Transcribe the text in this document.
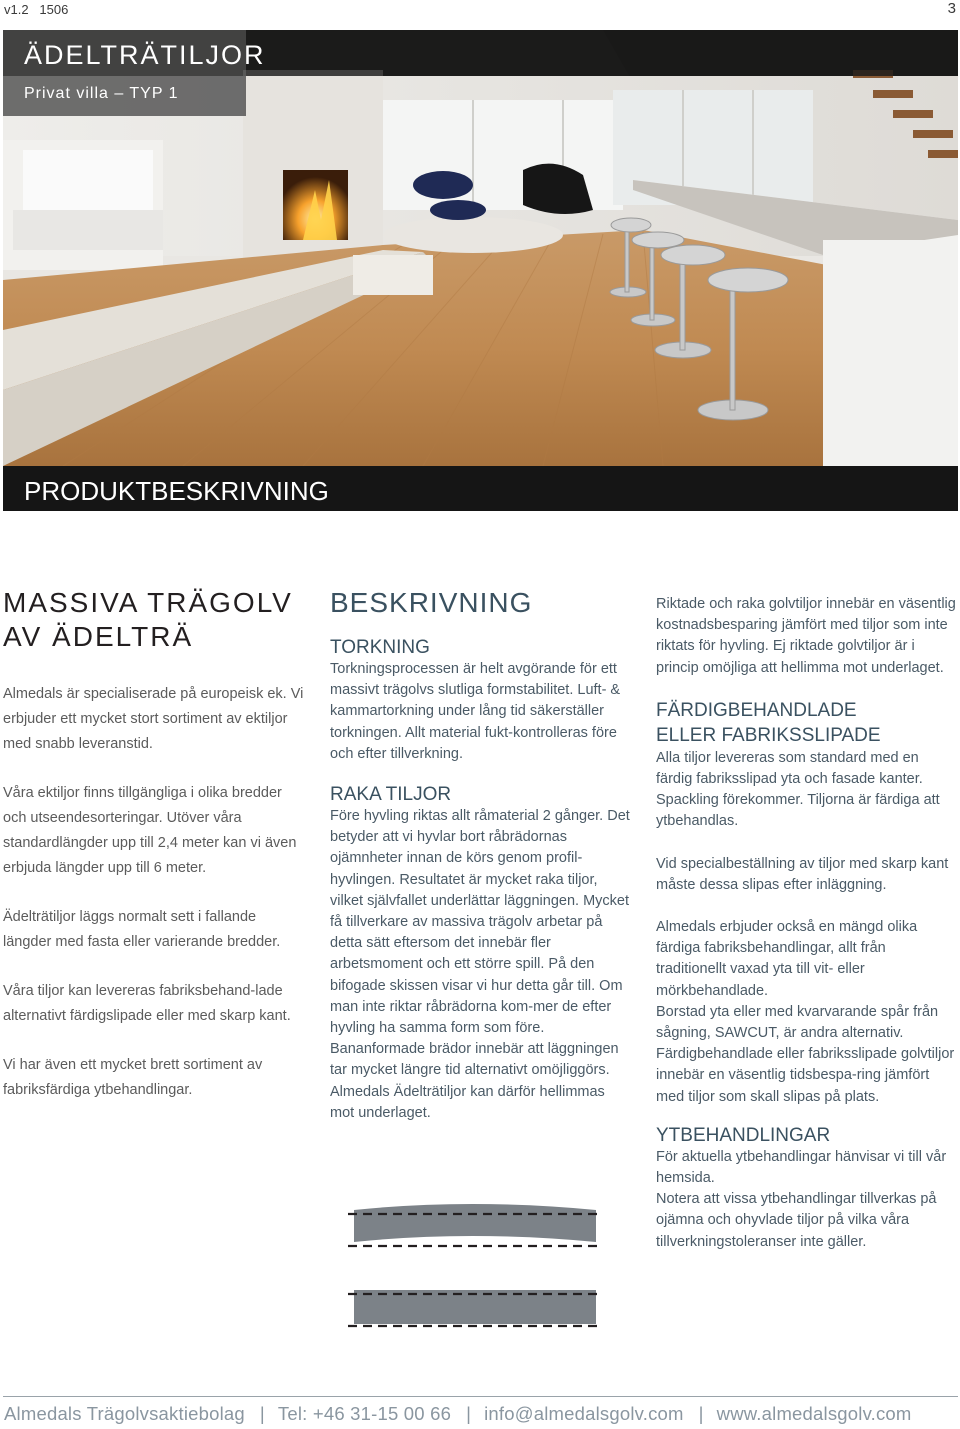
v1.2 1506	3
ÄDELTRÄTILJOR
Privat villa – TYP 1
PRODUKTBESKRIVNING
MASSIVA TRÄGOLV
AV ÄDELTRÄ

Almedals är specialiserade på europeisk ek. Vi erbjuder ett mycket stort sortiment av ektiljor med snabb leveranstid.

Våra ektiljor finns tillgängliga i olika bredder och utseendesorteringar. Utöver våra standardlängder upp till 2,4 meter kan vi även erbjuda längder upp till 6 meter.

Ädelträtiljor läggs normalt sett i fallande längder med fasta eller varierande bredder.

Våra tiljor kan levereras fabriksbehand-lade alternativt färdigslipade eller med skarp kant.

Vi har även ett mycket brett sortiment av fabriksfärdiga ytbehandlingar.

BESKRIVNING
TORKNING

Torkningsprocessen är helt avgörande för ett massivt trägolvs slutliga formstabilitet. Luft- & kammartorkning under lång tid säkerställer torkningen. Allt material fukt-kontrolleras före och efter tillverkning.

RAKA TILJOR

Före hyvling riktas allt råmaterial 2 gånger. Det betyder att vi hyvlar bort råbrädornas ojämnheter innan de körs genom profil-hyvlingen. Resultatet är mycket raka tiljor, vilket självfallet underlättar läggningen. Mycket få tillverkare av massiva trägolv arbetar på detta sätt eftersom det innebär fler arbetsmoment och ett större spill. På den bifogade skissen visar vi hur detta går till. Om man inte riktar råbrädorna kom-mer de efter hyvling ha samma form som före. Bananformade brädor innebär att läggningen tar mycket längre tid alternativt omöjliggörs. Almedals Ädelträtiljor kan därför hellimmas mot underlaget.

Riktade och raka golvtiljor innebär en väsentlig kostnadsbesparing jämfört med tiljor som inte riktats för hyvling. Ej riktade golvtiljor är i princip omöjliga att hellimma mot underlaget.

FÄRDIGBEHANDLADE
ELLER FABRIKSSLIPADE

Alla tiljor levereras som standard med en färdig fabriksslipad yta och fasade kanter. Spackling förekommer. Tiljorna är färdiga att ytbehandlas.

Vid specialbeställning av tiljor med skarp kant måste dessa slipas efter inläggning.

Almedals erbjuder också en mängd olika färdiga fabriksbehandlingar, allt från traditionellt vaxad yta till vit- eller mörkbehandlade.

Borstad yta eller med kvarvarande spår från sågning, SAWCUT, är andra alternativ.

Färdigbehandlade eller fabriksslipade golvtiljor innebär en väsentlig tidsbespa-ring jämfört med tiljor som skall slipas på plats.

YTBEHANDLINGAR

För aktuella ytbehandlingar hänvisar vi till vår hemsida.

Notera att vissa ytbehandlingar tillverkas på ojämna och ohyvlade tiljor på vilka våra tillverkningstoleranser inte gäller.

Almedals Trägolvsaktiebolag | Tel: +46 31-15 00 66 | info@almedalsgolv.com | www.almedalsgolv.com
